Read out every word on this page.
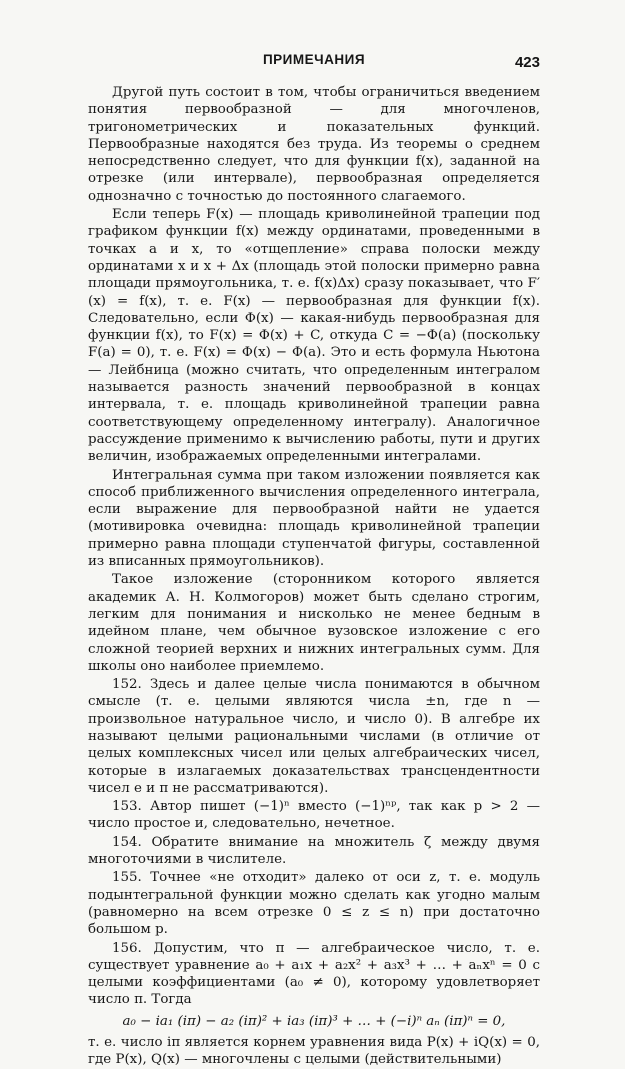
ПРИМЕЧАНИЯ	423

Другой путь состоит в том, чтобы ограничиться введением понятия первообразной — для многочленов, тригонометрических и показательных функций. Первообразные находятся без труда. Из теоремы о среднем непосредственно следует, что для функции f(x), заданной на отрезке (или интервале), первообразная определяется однозначно с точностью до постоянного слагаемого.

Если теперь F(x) — площадь криволинейной трапеции под графиком функции f(x) между ординатами, проведенными в точках a и x, то «отщепление» справа полоски между ординатами x и x + Δx (площадь этой полоски примерно равна площади прямоугольника, т. е. f(x)Δx) сразу показывает, что F′(x) = f(x), т. е. F(x) — первообразная для функции f(x). Следовательно, если Φ(x) — какая-нибудь первообразная для функции f(x), то F(x) = Φ(x) + C, откуда C = −Φ(a) (поскольку F(a) = 0), т. е. F(x) = Φ(x) − Φ(a). Это и есть формула Ньютона — Лейбница (можно считать, что определенным интегралом называется разность значений первообразной в концах интервала, т. е. площадь криволинейной трапеции равна соответствующему определенному интегралу). Аналогичное рассуждение применимо к вычислению работы, пути и других величин, изображаемых определенными интегралами.

Интегральная сумма при таком изложении появляется как способ приближенного вычисления определенного интеграла, если выражение для первообразной найти не удается (мотивировка очевидна: площадь криволинейной трапеции примерно равна площади ступенчатой фигуры, составленной из вписанных прямоугольников).

Такое изложение (сторонником которого является академик А. Н. Колмогоров) может быть сделано строгим, легким для понимания и нисколько не менее бедным в идейном плане, чем обычное вузовское изложение с его сложной теорией верхних и нижних интегральных сумм. Для школы оно наиболее приемлемо.

152. Здесь и далее целые числа понимаются в обычном смысле (т. е. целыми являются числа ±n, где n — произвольное натуральное число, и число 0). В алгебре их называют целыми рациональными числами (в отличие от целых комплексных чисел или целых алгебраических чисел, которые в излагаемых доказательствах трансцендентности чисел e и π не рассматриваются).

153. Автор пишет (−1)ⁿ вместо (−1)ⁿᵖ, так как p > 2 — число простое и, следовательно, нечетное.

154. Обратите внимание на множитель ζ между двумя многоточиями в числителе.

155. Точнее «не отходит» далеко от оси z, т. е. модуль подынтегральной функции можно сделать как угодно малым (равномерно на всем отрезке 0 ≤ z ≤ n) при достаточно большом p.

156. Допустим, что π — алгебраическое число, т. е. существует уравнение a₀ + a₁x + a₂x² + a₃x³ + … + aₙxⁿ = 0 с целыми коэффициентами (a₀ ≠ 0), которому удовлетворяет число π. Тогда

a₀ − ia₁ (iπ) − a₂ (iπ)² + ia₃ (iπ)³ + … + (−i)ⁿ aₙ (iπ)ⁿ = 0,

т. е. число iπ является корнем уравнения вида P(x) + iQ(x) = 0, где P(x), Q(x) — многочлены с целыми (действительными)
